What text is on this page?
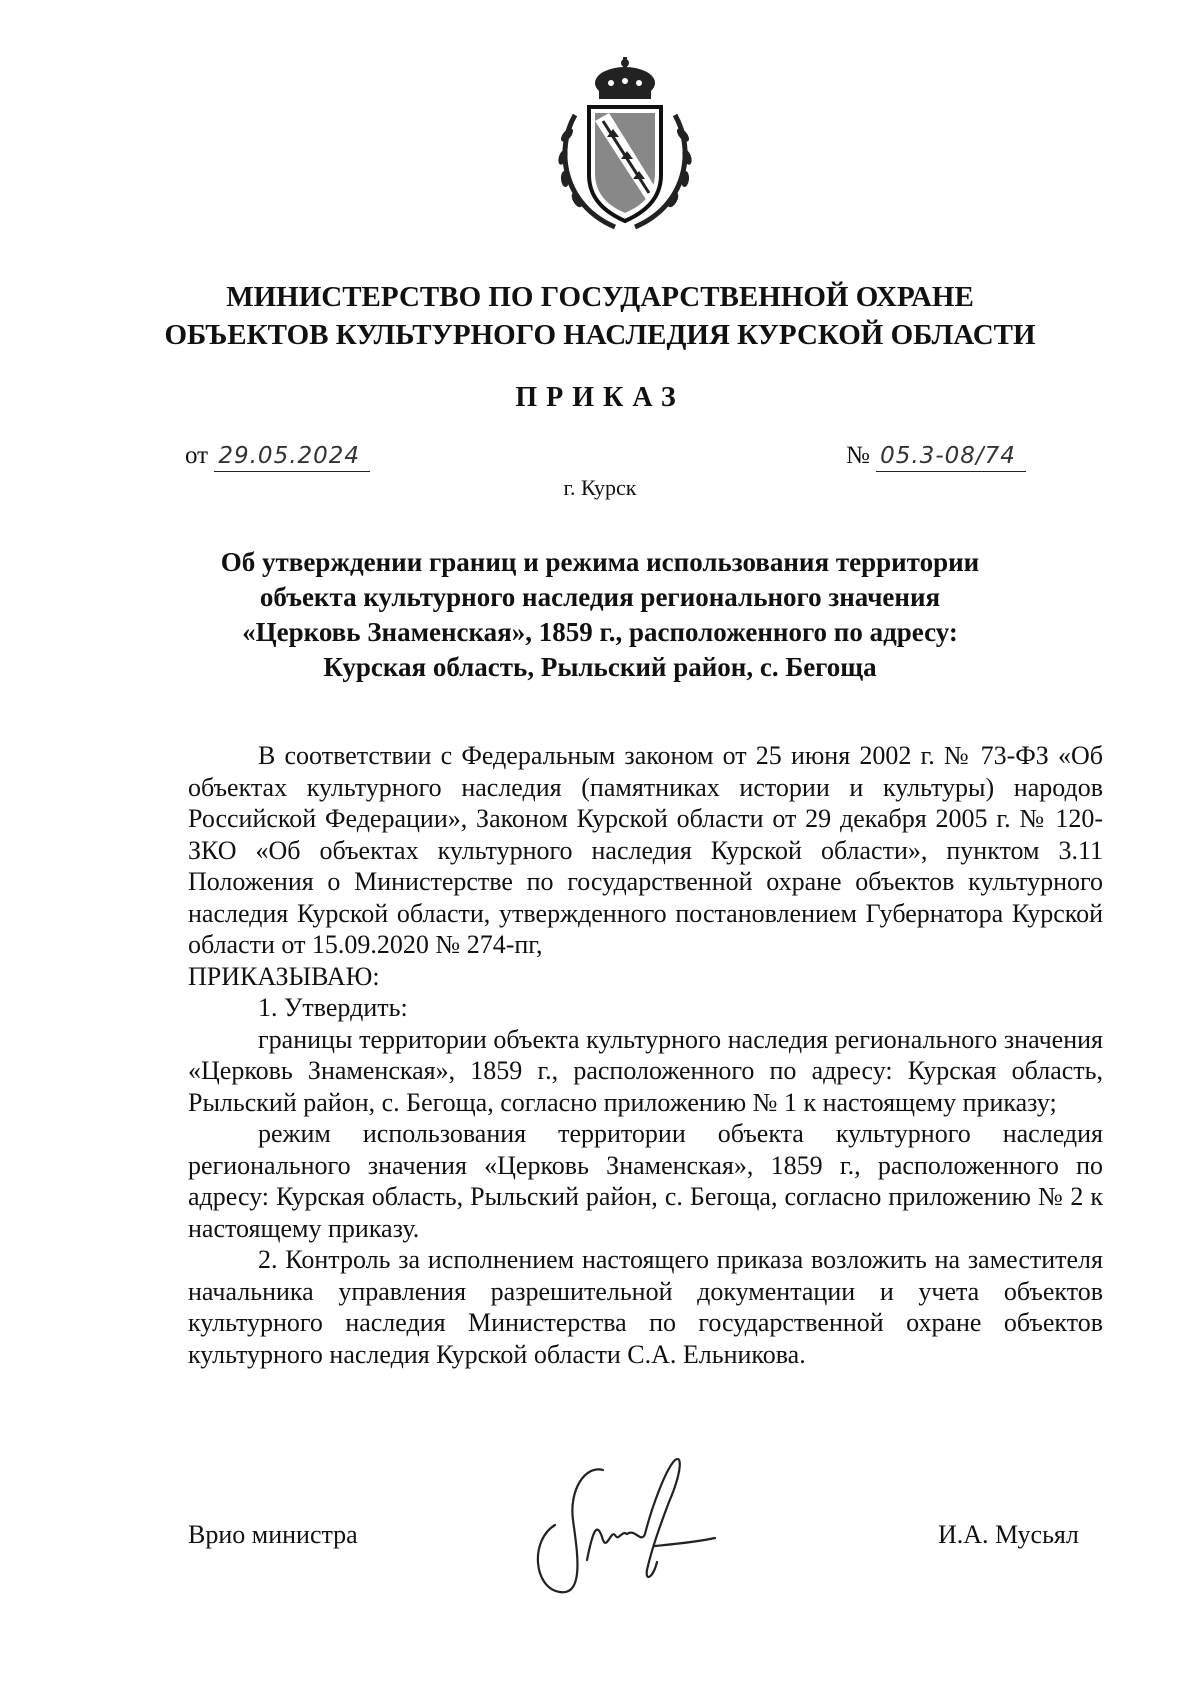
МИНИСТЕРСТВО ПО ГОСУДАРСТВЕННОЙ ОХРАНЕ
ОБЪЕКТОВ КУЛЬТУРНОГО НАСЛЕДИЯ КУРСКОЙ ОБЛАСТИ
ПРИКАЗ
от 29.05.2024	№ 05.3-08/74
г. Курск
Об утверждении границ и режима использования территории
объекта культурного наследия регионального значения
«Церковь Знаменская», 1859 г., расположенного по адресу:
Курская область, Рыльский район, с. Бегоща

В соответствии с Федеральным законом от 25 июня 2002 г. № 73-ФЗ «Об объектах культурного наследия (памятниках истории и культуры) народов Российской Федерации», Законом Курской области от 29 декабря 2005 г. № 120-ЗКО «Об объектах культурного наследия Курской области», пунктом 3.11 Положения о Министерстве по государственной охране объектов культурного наследия Курской области, утвержденного постановлением Губернатора Курской области от 15.09.2020 № 274-пг,

ПРИКАЗЫВАЮ:

1. Утвердить:

границы территории объекта культурного наследия регионального значения «Церковь Знаменская», 1859 г., расположенного по адресу: Курская область, Рыльский район, с. Бегоща, согласно приложению № 1 к настоящему приказу;

режим использования территории объекта культурного наследия регионального значения «Церковь Знаменская», 1859 г., расположенного по адресу: Курская область, Рыльский район, с. Бегоща, согласно приложению № 2 к настоящему приказу.

2. Контроль за исполнением настоящего приказа возложить на заместителя начальника управления разрешительной документации и учета объектов культурного наследия Министерства по государственной охране объектов культурного наследия Курской области С.А. Ельникова.

Врио министра	И.А. Мусьял
